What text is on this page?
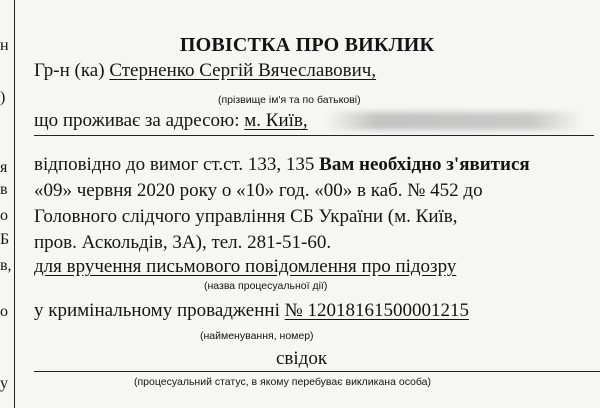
н
)
я
в
о
Б
в,
о
у
ПОВІСТКА ПРО ВИКЛИК
Гр-н (ка) Стерненко Сергій Вячеславович,
(прізвище ім'я та по батькові)
що проживає за адресою: м. Київ,
відповідно до вимог ст.ст. 133, 135 Вам необхідно з'явитися
«09» червня 2020 року о «10» год. «00» в каб. № 452 до
Головного слідчого управління СБ України (м. Київ,
пров. Аскольдів, 3А), тел. 281-51-60.
для вручення письмового повідомлення про підозру
(назва процесуальної дії)
у кримінальному провадженні № 12018161500001215
(найменування, номер)
свідок
(процесуальний статус, в якому перебуває викликана особа)
